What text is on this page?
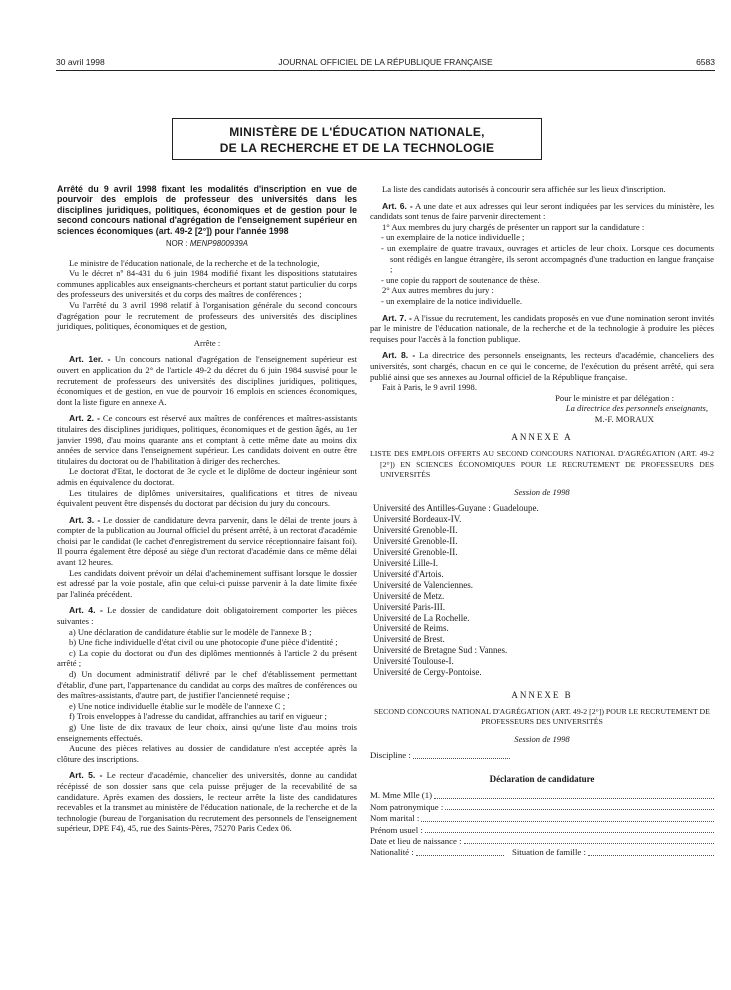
30 avril 1998	JOURNAL OFFICIEL DE LA RÉPUBLIQUE FRANÇAISE	6583
MINISTÈRE DE L'ÉDUCATION NATIONALE,
DE LA RECHERCHE ET DE LA TECHNOLOGIE
Arrêté du 9 avril 1998 fixant les modalités d'inscription en vue de pourvoir des emplois de professeur des universités dans les disciplines juridiques, politiques, économiques et de gestion pour le second concours national d'agrégation de l'enseignement supérieur en sciences économiques (art. 49-2 [2°]) pour l'année 1998
NOR : MENP9800939A

Le ministre de l'éducation nationale, de la recherche et de la technologie,

Vu le décret nº 84-431 du 6 juin 1984 modifié fixant les dispositions statutaires communes applicables aux enseignants-chercheurs et portant statut particulier du corps des professeurs des universités et du corps des maîtres de conférences ;

Vu l'arrêté du 3 avril 1998 relatif à l'organisation générale du second concours d'agrégation pour le recrutement de professeurs des universités des disciplines juridiques, politiques, économiques et de gestion,

Arrête :

Art. 1er. - Un concours national d'agrégation de l'enseignement supérieur est ouvert en application du 2° de l'article 49-2 du décret du 6 juin 1984 susvisé pour le recrutement de professeurs des universités des disciplines juridiques, politiques, économiques et de gestion, en vue de pourvoir 16 emplois en sciences économiques, dont la liste figure en annexe A.

Art. 2. - Ce concours est réservé aux maîtres de conférences et maîtres-assistants titulaires des disciplines juridiques, politiques, économiques et de gestion âgés, au 1er janvier 1998, d'au moins quarante ans et comptant à cette même date au moins dix années de service dans l'enseignement supérieur. Les candidats doivent en outre être titulaires du doctorat ou de l'habilitation à diriger des recherches.

Le doctorat d'Etat, le doctorat de 3e cycle et le diplôme de docteur ingénieur sont admis en équivalence du doctorat.

Les titulaires de diplômes universitaires, qualifications et titres de niveau équivalent peuvent être dispensés du doctorat par décision du jury du concours.

Art. 3. - Le dossier de candidature devra parvenir, dans le délai de trente jours à compter de la publication au Journal officiel du présent arrêté, à un rectorat d'académie choisi par le candidat (le cachet d'enregistrement du service réceptionnaire faisant foi). Il pourra également être déposé au siège d'un rectorat d'académie dans ce même délai avant 12 heures.

Les candidats doivent prévoir un délai d'acheminement suffisant lorsque le dossier est adressé par la voie postale, afin que celui-ci puisse parvenir à la date limite fixée par l'alinéa précédent.

Art. 4. - Le dossier de candidature doit obligatoirement comporter les pièces suivantes :

a) Une déclaration de candidature établie sur le modèle de l'annexe B ;

b) Une fiche individuelle d'état civil ou une photocopie d'une pièce d'identité ;

c) La copie du doctorat ou d'un des diplômes mentionnés à l'article 2 du présent arrêté ;

d) Un document administratif délivré par le chef d'établissement permettant d'établir, d'une part, l'appartenance du candidat au corps des maîtres de conférences ou des maîtres-assistants, d'autre part, de justifier l'ancienneté requise ;

e) Une notice individuelle établie sur le modèle de l'annexe C ;

f) Trois enveloppes à l'adresse du candidat, affranchies au tarif en vigueur ;

g) Une liste de dix travaux de leur choix, ainsi qu'une liste d'au moins trois enseignements effectués.

Aucune des pièces relatives au dossier de candidature n'est acceptée après la clôture des inscriptions.

Art. 5. - Le recteur d'académie, chancelier des universités, donne au candidat récépissé de son dossier sans que cela puisse préjuger de la recevabilité de sa candidature. Après examen des dossiers, le recteur arrête la liste des candidatures recevables et la transmet au ministère de l'éducation nationale, de la recherche et de la technologie (bureau de l'organisation du recrutement des personnels de l'enseignement supérieur, DPE F4), 45, rue des Saints-Pères, 75270 Paris Cedex 06.

La liste des candidats autorisés à concourir sera affichée sur les lieux d'inscription.

Art. 6. - A une date et aux adresses qui leur seront indiquées par les services du ministère, les candidats sont tenus de faire parvenir directement :

1° Aux membres du jury chargés de présenter un rapport sur la candidature :

- un exemplaire de la notice individuelle ;

- un exemplaire de quatre travaux, ouvrages et articles de leur choix. Lorsque ces documents sont rédigés en langue étrangère, ils seront accompagnés d'une traduction en langue française ;

- une copie du rapport de soutenance de thèse.

2° Aux autres membres du jury :

- un exemplaire de la notice individuelle.

Art. 7. - A l'issue du recrutement, les candidats proposés en vue d'une nomination seront invités par le ministre de l'éducation nationale, de la recherche et de la technologie à produire les pièces requises pour l'accès à la fonction publique.

Art. 8. - La directrice des personnels enseignants, les recteurs d'académie, chanceliers des universités, sont chargés, chacun en ce qui le concerne, de l'exécution du présent arrêté, qui sera publié ainsi que ses annexes au Journal officiel de la République française.

Fait à Paris, le 9 avril 1998.

Pour le ministre et par délégation :

La directrice des personnels enseignants,

M.-F. MORAUX

ANNEXE A

LISTE DES EMPLOIS OFFERTS AU SECOND CONCOURS NATIONAL D'AGRÉGATION (ART. 49-2 [2°]) EN SCIENCES ÉCONOMIQUES POUR LE RECRUTEMENT DE PROFESSEURS DES UNIVERSITÉS

Session de 1998

Université des Antilles-Guyane : Guadeloupe.
Université Bordeaux-IV.
Université Grenoble-II.
Université Grenoble-II.
Université Grenoble-II.
Université Lille-I.
Université d'Artois.
Université de Valenciennes.
Université de Metz.
Université Paris-III.
Université de La Rochelle.
Université de Reims.
Université de Brest.
Université de Bretagne Sud : Vannes.
Université Toulouse-I.
Université de Cergy-Pontoise.

ANNEXE B

SECOND CONCOURS NATIONAL D'AGRÉGATION (ART. 49-2 [2°]) POUR LE RECRUTEMENT DE PROFESSEURS DES UNIVERSITÉS

Session de 1998

Discipline :

Déclaration de candidature

M. Mme Mlle (1)
Nom patronymique :
Nom marital :
Prénom usuel :
Date et lieu de naissance :
Nationalité :	Situation de famille :
